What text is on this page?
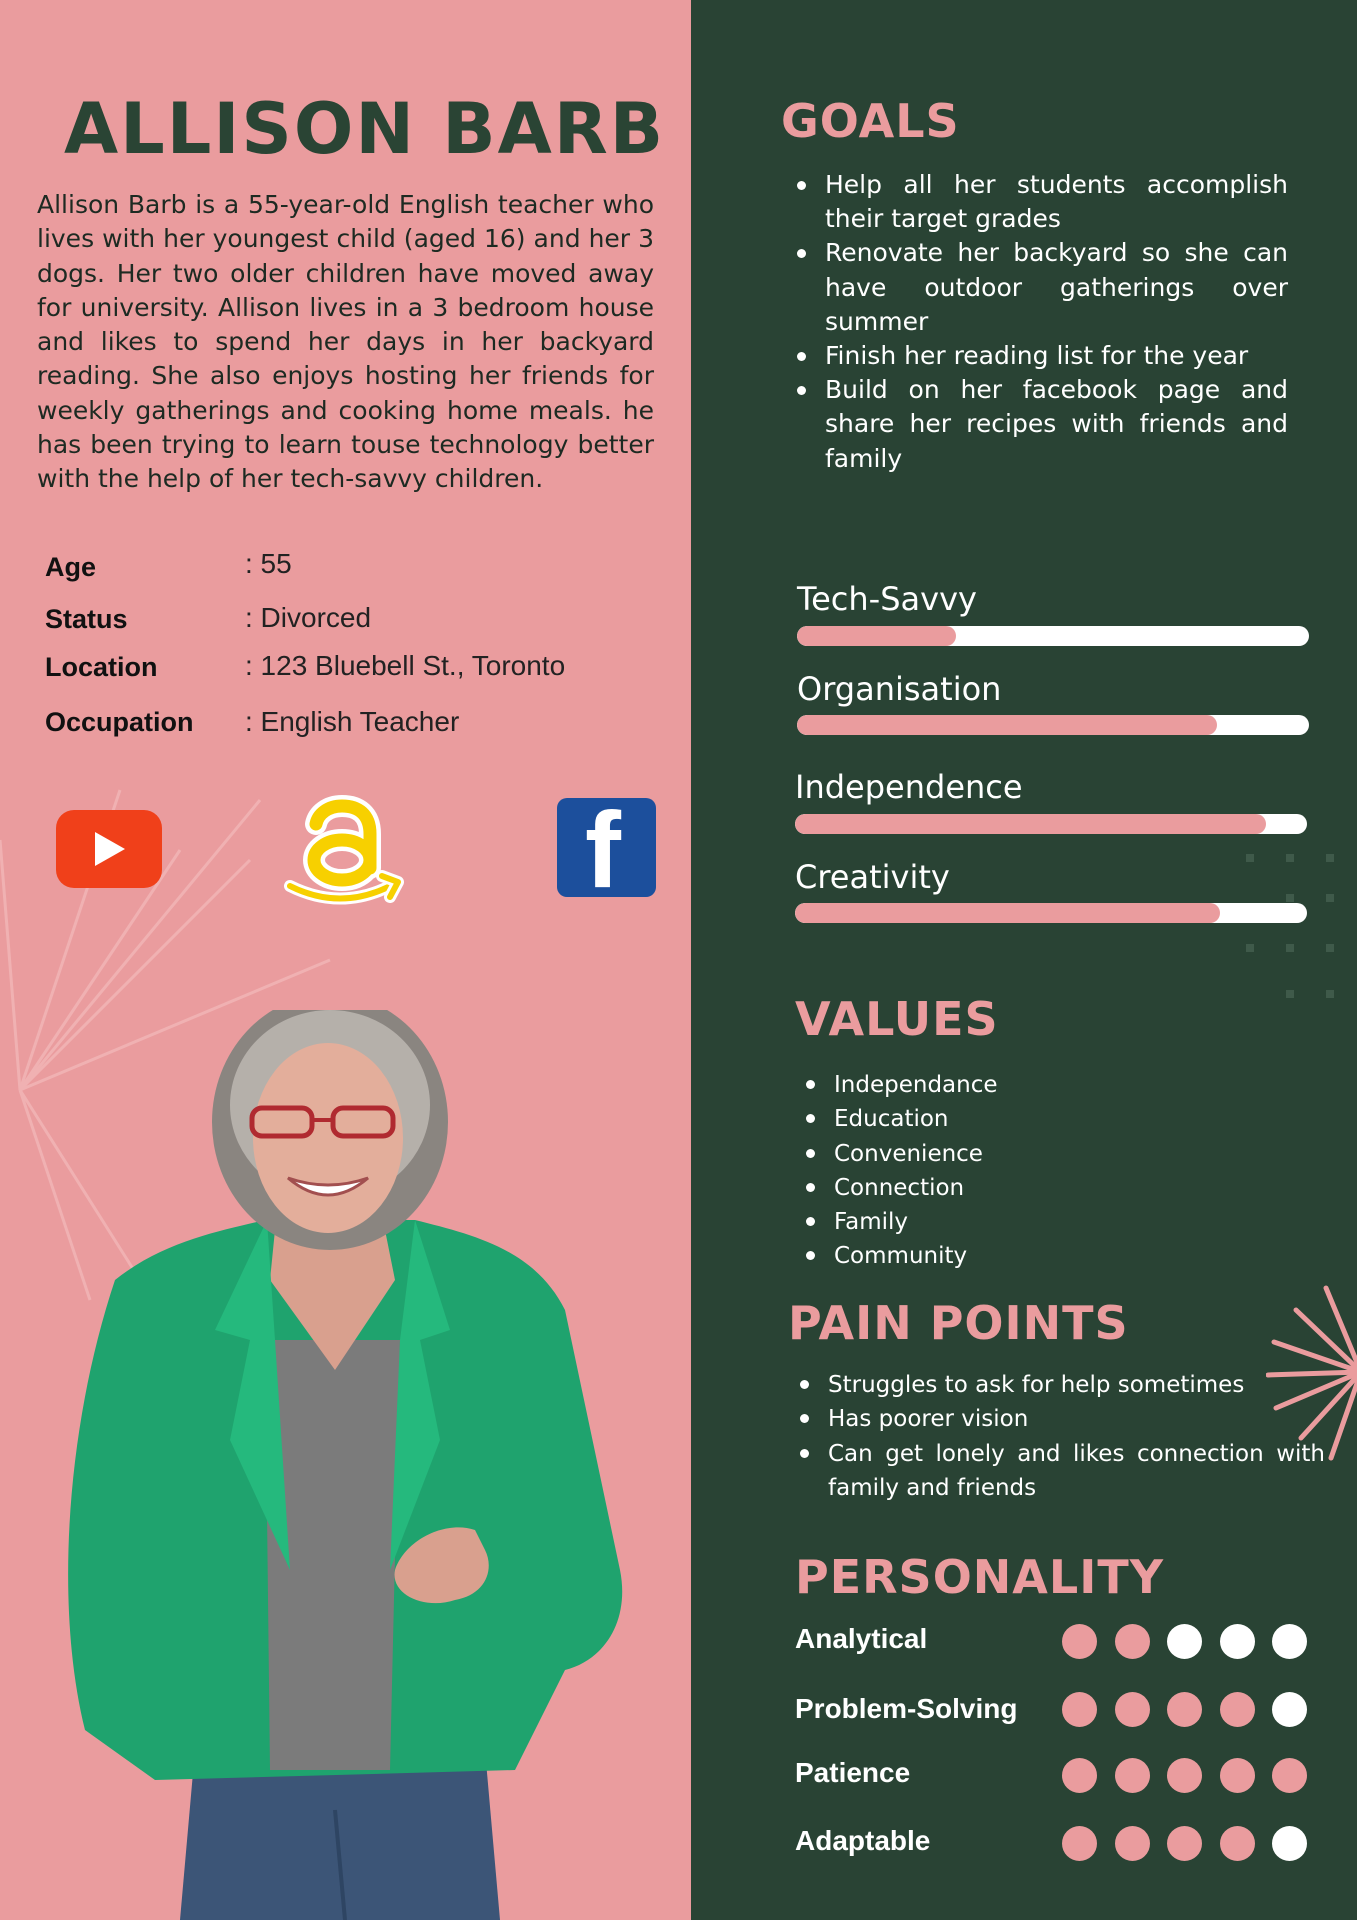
ALLISON BARB

Allison Barb is a 55-year-old English teacher who lives with her youngest child (aged 16) and her 3 dogs. Her two older children have moved away for university. Allison lives in a 3 bedroom house and likes to spend her days in her backyard reading. She also enjoys hosting her friends for weekly gatherings and cooking home meals. he has been trying to learn touse technology better with the help of her tech-savvy children.

Age	: 55
Status	: Divorced
Location	: 123 Bluebell St., Toronto
Occupation : English Teacher
f
GOALS
Help all her students accomplish their target grades
Renovate her backyard so she can have outdoor gatherings over summer
Finish her reading list for the year
Build on her facebook page and share her recipes with friends and family
Tech-Savvy
Organisation
Independence
Creativity
VALUES
Independance
Education
Convenience
Connection
Family
Community
PAIN POINTS
Struggles to ask for help sometimes
Has poorer vision
Can get lonely and likes connection with family and friends
PERSONALITY
Analytical
Problem-Solving
Patience
Adaptable
